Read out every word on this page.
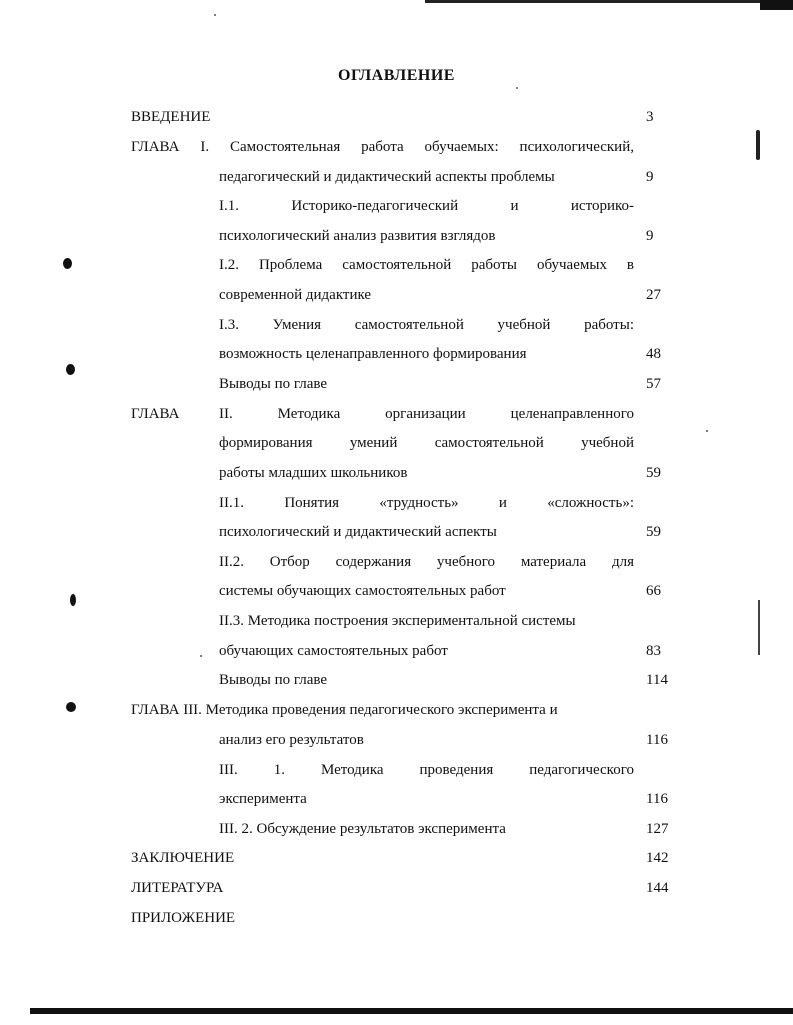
ОГЛАВЛЕНИЕ
ВВЕДЕНИЕ	3
ГЛАВА I. Самостоятельная работа обучаемых: психологический,
педагогический и дидактический аспекты проблемы	9
I.1. Историко-педагогический и историко-
психологический анализ развития взглядов	9
I.2. Проблема самостоятельной работы обучаемых в
современной дидактике	27
I.3. Умения самостоятельной учебной работы:
возможность целенаправленного формирования	48
Выводы по главе	57
ГЛАВА	II. Методика организации целенаправленного
формирования умений самостоятельной учебной
работы младших школьников	59
II.1. Понятия «трудность» и «сложность»:
психологический и дидактический аспекты	59
II.2. Отбор содержания учебного материала для
системы обучающих самостоятельных работ	66
II.3. Методика построения экспериментальной системы
обучающих самостоятельных работ	83
Выводы по главе	114
ГЛАВА III. Методика проведения педагогического эксперимента и
анализ его результатов	116
III. 1. Методика проведения педагогического
эксперимента	116
III. 2. Обсуждение результатов эксперимента	127
ЗАКЛЮЧЕНИЕ	142
ЛИТЕРАТУРА	144
ПРИЛОЖЕНИЕ
